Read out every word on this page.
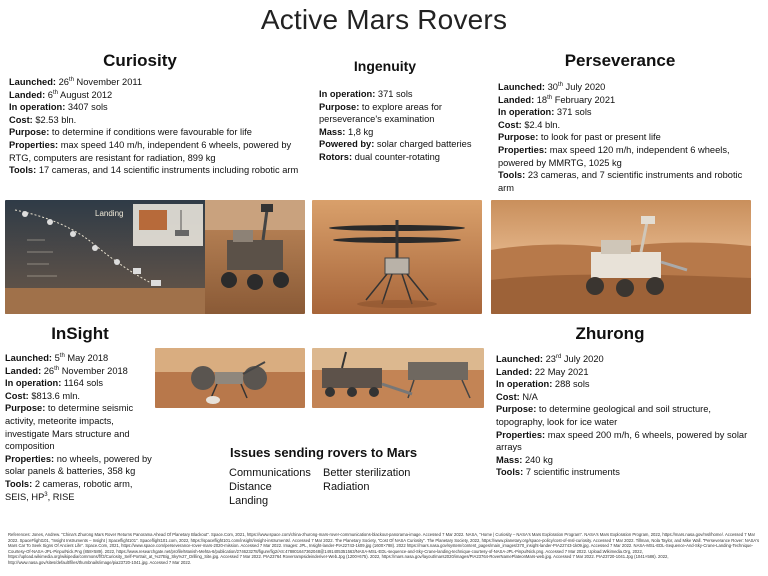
Active Mars Rovers
Curiosity
Launched: 26th November 2011
Landed: 6th August 2012
In operation: 3407 sols
Cost: $2.53 bln.
Purpose: to determine if conditions were favourable for life
Properties: max speed 140 m/h, independent 6 wheels, powered by RTG, computers are resistant for radiation, 899 kg
Tools: 17 cameras, and 14 scientific instruments including robotic arm
Ingenuity
In operation: 371 sols
Purpose: to explore areas for perseverance's examination
Mass: 1,8 kg
Powered by: solar charged batteries
Rotors: dual counter-rotating
Perseverance
Launched: 30th July 2020
Landed: 18th February 2021
In operation: 371 sols
Cost: $2.4 bln.
Purpose: to look for past or present life
Properties: max speed 120 m/h, independent 6 wheels, powered by MMRTG, 1025 kg
Tools: 23 cameras, and 7 scientific instruments and robotic arm
Landing
InSight
Launched: 5th May 2018
Landed: 26th November 2018
In operation: 1164 sols
Cost: $813.6 mln.
Purpose: to determine seismic activity, meteorite impacts, investigate Mars structure and composition
Properties: no wheels, powered by solar panels & batteries, 358 kg
Tools: 2 cameras, robotic arm, SEIS, $HP^3$, RISE
Zhurong
Launched: 23rd July 2020
Landed: 22 May 2021
In operation: 288 sols
Cost: N/A
Purpose: to determine geological and soil structure, topography, look for ice water
Properties: max speed 200 m/h, 6 wheels, powered by solar arrays
Mass: 240 kg
Tools: 7 scientific instruments
Issues sending rovers to Mars
Communications
Distance
Landing
Better sterilization
Radiation
References: Jones, Andrew. "China's Zhurong Mars Rover Returns Panorama Ahead Of Planetary Blackout". Space.Com, 2021, https://www.space.com/china-zhurong-mars-rover-communications-blackout-panorama-image. Accessed 7 Mar 2022. NASA, "Home | Curiosity – NASA's Mars Exploration Program". NASA's Mars Exploration Program, 2022, https://mars.nasa.gov/msl/home/. Accessed 7 Mar 2022. SpaceFlight101, "Insight Instruments – Insight | Spaceflight101". Spaceflight101.com, 2022, https://spaceflight101.com/insight/insight-instruments/. Accessed 7 Mar 2022. The Planetary Society, "Cost Of NASA Curiosity". The Planetary Society, 2022, https://www.planetary.org/space-policy/cost-of-msl-curiosity. Accessed 7 Mar 2022. Tillman, Nola Taylor, and Mike Wall. "Perseverance Rover: NASA's Mars Car To Seek Signs Of Ancient Life". Space.Com, 2021, https://www.space.com/perseverance-rover-mars-2020-mission. Accessed 7 Mar 2022. Images: JPL, Insight-lander-PIA22743-1k09.jpg (1600×788). 2022 https://mars.nasa.gov/system/content_pages/main_images/370_insight-lander-PIA22743-1k09.jpg. Accessed 7 Mar 2022. NASA-MSL-EDL-Sequence-And-Sky-Crane-Landing-Technique-Courtesy-Of-NASA-JPL-Pinpu/Nick.Png (858×589). 2022, https://www.researchgate.net/profile/Manish-Mehta-6/publication/274623278/figure/fig2/AS:478801647362048@1491405351563/NASA-MSL-EDL-sequence-and-Sky-Crane-landing-technique-courtesy-of-NASA-JPL-Pinpu/Nick.png. Accessed 7 Mar 2022. Upload.Wikimedia.Org, 2022, https://upload.wikimedia.org/wikipedia/commons/f/f3/Curiosity_Self-Portrait_at_%27Big_Sky%27_Drilling_Site.jpg. Accessed 7 Mar 2022. PIA23764 Roverrampsideinderiver-Web.Jpg (1200×675). 2022, https://mars.nasa.gov/layout/mars2020/images/PIA23764-RoverNamePlateonMars-web.jpg. Accessed 7 Mar 2022. PIA23720-1041.Jpg (1041×586). 2022, http://www.nasa.gov/sites/default/files/thumbnails/image/pia23720-1041.jpg. Accessed 7 Mar 2022.
